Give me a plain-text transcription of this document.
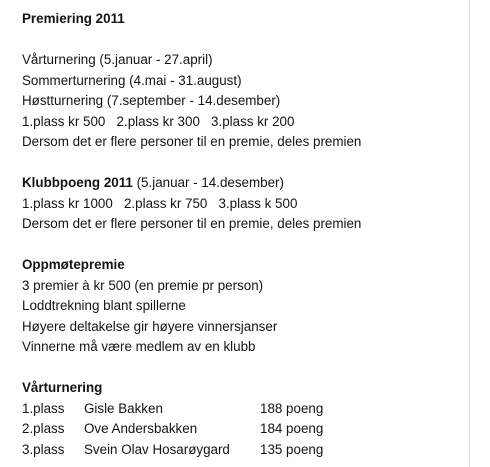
Premiering 2011
Vårturnering (5.januar - 27.april)
Sommerturnering (4.mai - 31.august)
Høstturnering (7.september - 14.desember)
1.plass kr 500   2.plass kr 300   3.plass kr 200
Dersom det er flere personer til en premie, deles premien
Klubbpoeng 2011 (5.januar - 14.desember)
1.plass kr 1000   2.plass kr 750   3.plass k 500
Dersom det er flere personer til en premie, deles premien
Oppmøtepremie
3 premier à kr 500 (en premie pr person)
Loddtrekning blant spillerne
Høyere deltakelse gir høyere vinnersjanser
Vinnerne må være medlem av en klubb
Vårturnering
1.plass	Gisle Bakken	188 poeng
2.plass	Ove Andersbakken	184 poeng
3.plass	Svein Olav Hosarøygard	135 poeng
